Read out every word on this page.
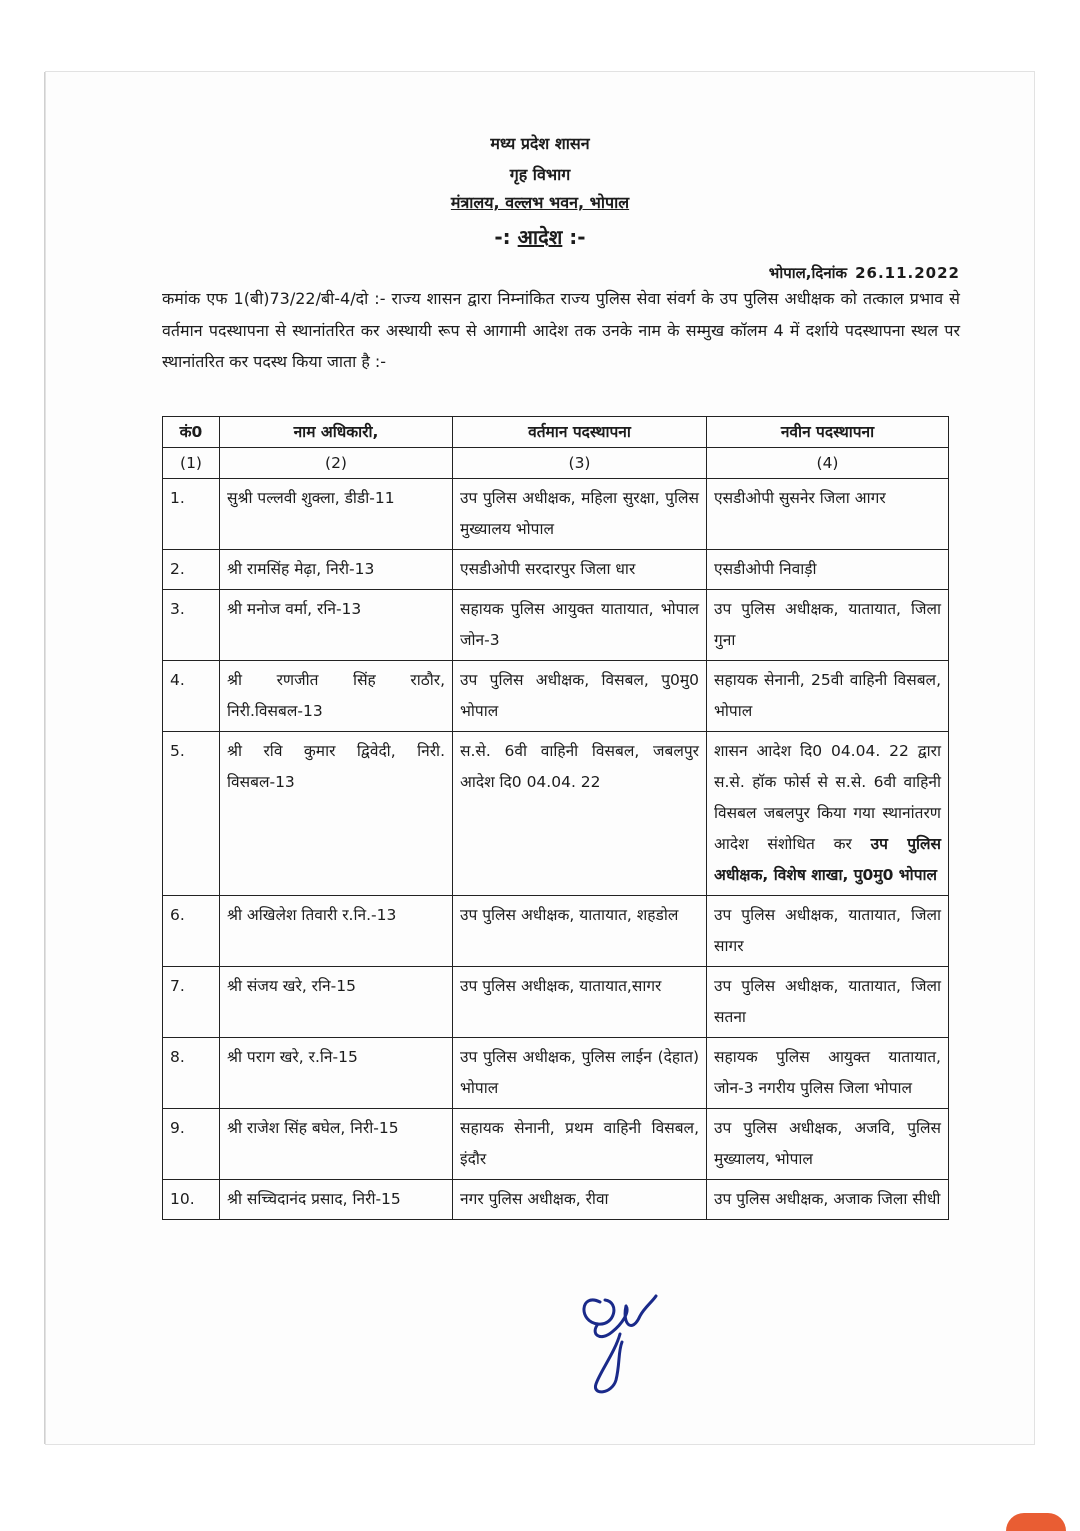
मध्य प्रदेश शासन
गृह विभाग
मंत्रालय, वल्लभ भवन, भोपाल
-: आदेश :-
भोपाल,दिनांक 26.11.2022
कमांक एफ 1(बी)73/22/बी-4/दो :- राज्य शासन द्वारा निम्नांकित राज्य पुलिस सेवा संवर्ग के उप पुलिस अधीक्षक को तत्काल प्रभाव से वर्तमान पदस्थापना से स्थानांतरित कर अस्थायी रूप से आगामी आदेश तक उनके नाम के सम्मुख कॉलम 4 में दर्शाये पदस्थापना स्थल पर स्थानांतरित कर पदस्थ किया जाता है :-
कं0	नाम अधिकारी,	वर्तमान पदस्थापना	नवीन पदस्थापना
(1)	(2)	(3)	(4)
1.	सुश्री पल्लवी शुक्ला, डीडी-11	उप पुलिस अधीक्षक, महिला सुरक्षा, पुलिस मुख्यालय भोपाल	एसडीओपी सुसनेर जिला आगर
2.	श्री रामसिंह मेढ़ा, निरी-13	एसडीओपी सरदारपुर जिला धार	एसडीओपी निवाड़ी
3.	श्री मनोज वर्मा, रनि-13	सहायक पुलिस आयुक्त यातायात, भोपाल जोन-3	उप पुलिस अधीक्षक, यातायात, जिला गुना
4.	श्री रणजीत सिंह राठौर, निरी.विसबल-13	उप पुलिस अधीक्षक, विसबल, पु0मु0 भोपाल	सहायक सेनानी, 25वी वाहिनी विसबल, भोपाल
5.	श्री रवि कुमार द्विवेदी, निरी. विसबल-13	स.से. 6वी वाहिनी विसबल, जबलपुर आदेश दि0 04.04. 22	शासन आदेश दि0 04.04. 22 द्वारा स.से. हॉक फोर्स से स.से. 6वी वाहिनी विसबल जबलपुर किया गया स्थानांतरण आदेश संशोधित कर उप पुलिस अधीक्षक, विशेष शाखा, पु0मु0 भोपाल
6.	श्री अखिलेश तिवारी र.नि.-13	उप पुलिस अधीक्षक, यातायात, शहडोल	उप पुलिस अधीक्षक, यातायात, जिला सागर
7.	श्री संजय खरे, रनि-15	उप पुलिस अधीक्षक, यातायात,सागर	उप पुलिस अधीक्षक, यातायात, जिला सतना
8.	श्री पराग खरे, र.नि-15	उप पुलिस अधीक्षक, पुलिस लाईन (देहात) भोपाल	सहायक पुलिस आयुक्त यातायात, जोन-3 नगरीय पुलिस जिला भोपाल
9.	श्री राजेश सिंह बघेल, निरी-15	सहायक सेनानी, प्रथम वाहिनी विसबल, इंदौर	उप पुलिस अधीक्षक, अजवि, पुलिस मुख्यालय, भोपाल
10.	श्री सच्चिदानंद प्रसाद, निरी-15	नगर पुलिस अधीक्षक, रीवा	उप पुलिस अधीक्षक, अजाक जिला सीधी
